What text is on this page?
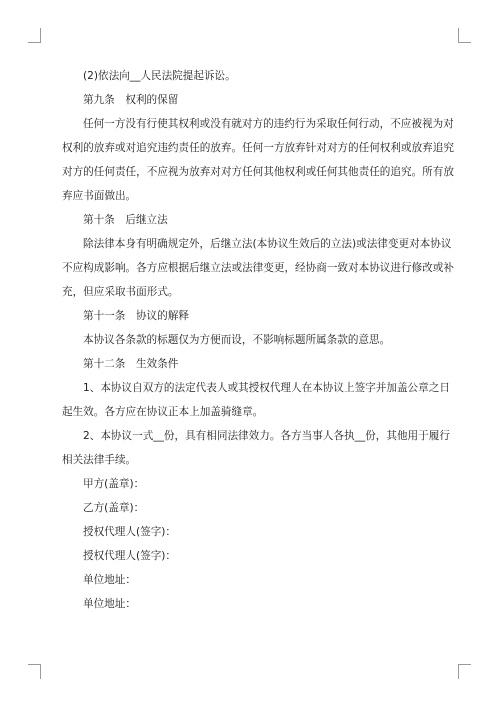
(2)依法向__人民法院提起诉讼。

第九条　权利的保留

任何一方没有行使其权利或没有就对方的违约行为采取任何行动，不应被视为对

权利的放弃或对追究违约责任的放弃。任何一方放弃针对对方的任何权利或放弃追究

对方的任何责任，不应视为放弃对对方任何其他权利或任何其他责任的追究。所有放

弃应书面做出。

第十条　后继立法

除法律本身有明确规定外，后继立法(本协议生效后的立法)或法律变更对本协议

不应构成影响。各方应根据后继立法或法律变更，经协商一致对本协议进行修改或补

充，但应采取书面形式。

第十一条　协议的解释

本协议各条款的标题仅为方便而设，不影响标题所属条款的意思。

第十二条　生效条件

1、本协议自双方的法定代表人或其授权代理人在本协议上签字并加盖公章之日

起生效。各方应在协议正本上加盖骑缝章。

2、本协议一式__份，具有相同法律效力。各方当事人各执__份，其他用于履行

相关法律手续。

甲方(盖章)：

乙方(盖章)：

授权代理人(签字)：

授权代理人(签字)：

单位地址：

单位地址：
